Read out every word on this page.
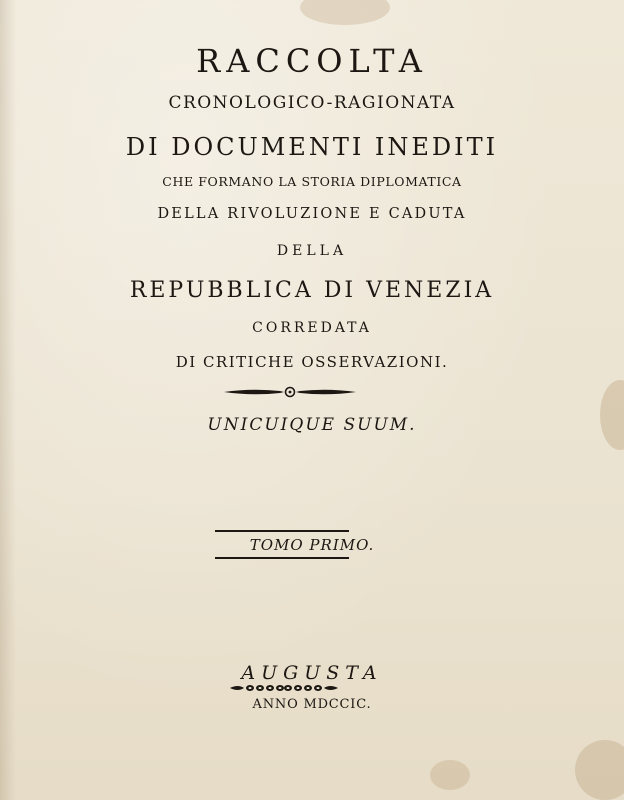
RACCOLTA
CRONOLOGICO-RAGIONATA
DI DOCUMENTI INEDITI
CHE FORMANO LA STORIA DIPLOMATICA
DELLA RIVOLUZIONE E CADUTA
DELLA
REPUBBLICA DI VENEZIA
CORREDATA
DI CRITICHE OSSERVAZIONI.
UNICUIQUE SUUM.
TOMO PRIMO.
AUGUSTA
ANNO MDCCIC.
